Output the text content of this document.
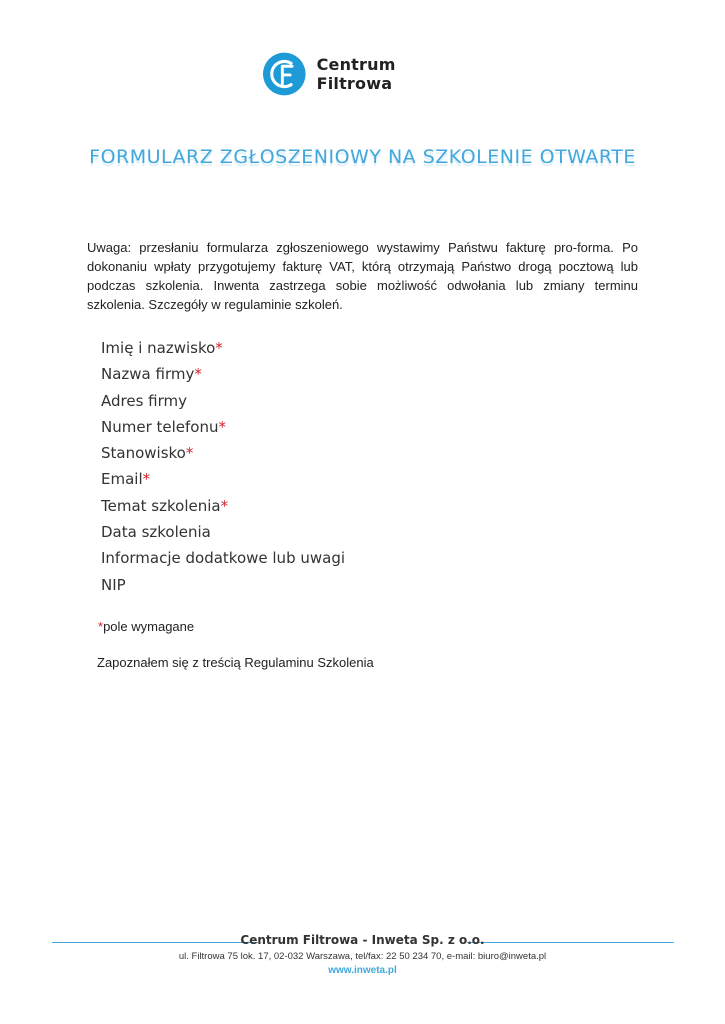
Centrum Filtrowa
FORMULARZ ZGŁOSZENIOWY NA SZKOLENIE OTWARTE

Uwaga: przesłaniu formularza zgłoszeniowego wystawimy Państwu fakturę pro-forma. Po dokonaniu wpłaty przygotujemy fakturę VAT, którą otrzymają Państwo drogą pocztową lub podczas szkolenia. Inwenta zastrzega sobie możliwość odwołania lub zmiany terminu szkolenia. Szczegóły w regulaminie szkoleń.

Imię i nazwisko*
Nazwa firmy*
Adres firmy
Numer telefonu*
Stanowisko*
Email*
Temat szkolenia*
Data szkolenia
Informacje dodatkowe lub uwagi
NIP
*pole wymagane
Zapoznałem się z treścią Regulaminu Szkolenia
Centrum Filtrowa - Inweta Sp. z o.o.
ul. Filtrowa 75 lok. 17, 02-032 Warszawa, tel/fax: 22 50 234 70, e-mail: biuro@inweta.pl
www.inweta.pl
